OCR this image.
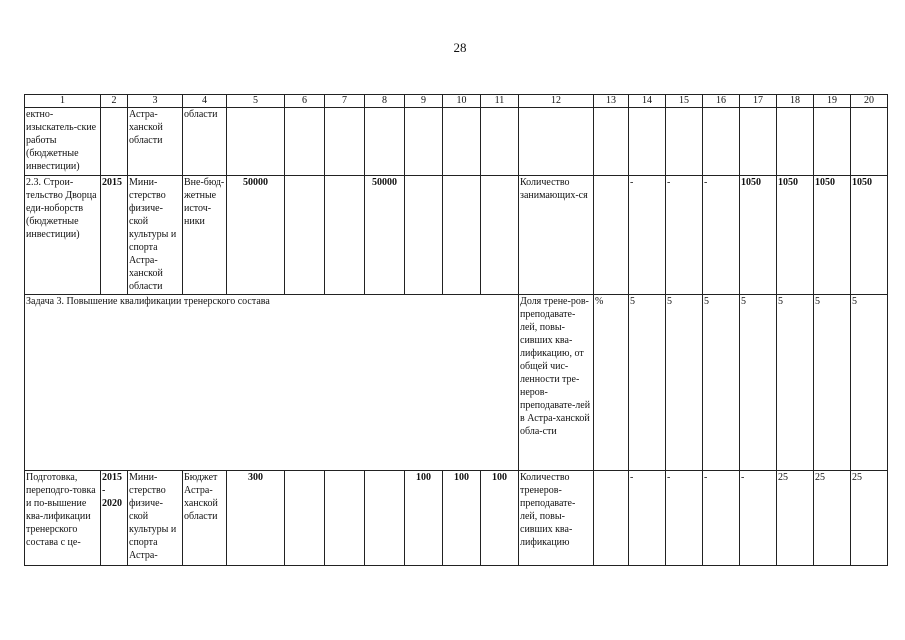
28
1	2	3	4	5	6	7	8	9	10	11	12	13	14	15	16	17	18	19	20
ектно-изыскатель-ские работы (бюджетные инвестиции)		Астра-ханской области	области																
2.3. Строи-тельство Дворца еди-ноборств (бюджетные инвестиции)	2015	Мини-стерство физиче-ской культуры и спорта Астра-ханской области	Вне-бюд-жетные источ-ники	50000			50000				Количество занимающих-ся		-	-	-	1050	1050	1050	1050
Задача 3. Повышение квалификации тренерского состава											Доля трене-ров-преподавате-лей, повы-сивших ква-лификацию, от общей чис-ленности тре-неров-преподавате-лей в Астра-ханской обла-сти	%	5	5	5	5	5	5	5
Подготовка, переподго-товка и по-вышение ква-лификации тренерского состава с це-	2015 - 2020	Мини-стерство физиче-ской культуры и спорта Астра-	Бюджет Астра-ханской области	300				100	100	100	Количество тренеров-преподавате-лей, повы-сивших ква-лификацию		-	-	-	-	25	25	25
